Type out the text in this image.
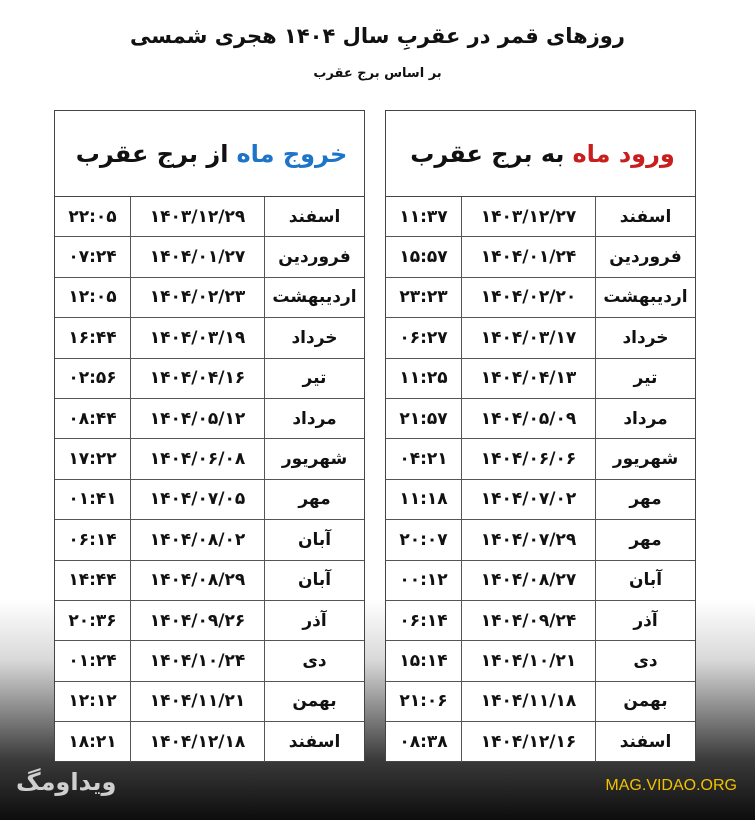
روزهای قمر در عقربِ سال ۱۴۰۴ هجری شمسی
بر اساس برج عقرب
ورود ماه
به برج عقرب
اسفند
۱۴۰۳/۱۲/۲۷
۱۱:۳۷
فروردین
۱۴۰۴/۰۱/۲۴
۱۵:۵۷
اردیبهشت
۱۴۰۴/۰۲/۲۰
۲۳:۲۳
خرداد
۱۴۰۴/۰۳/۱۷
۰۶:۲۷
تیر
۱۴۰۴/۰۴/۱۳
۱۱:۲۵
مرداد
۱۴۰۴/۰۵/۰۹
۲۱:۵۷
شهریور
۱۴۰۴/۰۶/۰۶
۰۴:۲۱
مهر
۱۴۰۴/۰۷/۰۲
۱۱:۱۸
مهر
۱۴۰۴/۰۷/۲۹
۲۰:۰۷
آبان
۱۴۰۴/۰۸/۲۷
۰۰:۱۲
آذر
۱۴۰۴/۰۹/۲۴
۰۶:۱۴
دی
۱۴۰۴/۱۰/۲۱
۱۵:۱۴
بهمن
۱۴۰۴/۱۱/۱۸
۲۱:۰۶
اسفند
۱۴۰۴/۱۲/۱۶
۰۸:۳۸
خروج ماه
از برج عقرب
اسفند
۱۴۰۳/۱۲/۲۹
۲۲:۰۵
فروردین
۱۴۰۴/۰۱/۲۷
۰۷:۲۴
اردیبهشت
۱۴۰۴/۰۲/۲۳
۱۲:۰۵
خرداد
۱۴۰۴/۰۳/۱۹
۱۶:۴۴
تیر
۱۴۰۴/۰۴/۱۶
۰۲:۵۶
مرداد
۱۴۰۴/۰۵/۱۲
۰۸:۴۴
شهریور
۱۴۰۴/۰۶/۰۸
۱۷:۲۲
مهر
۱۴۰۴/۰۷/۰۵
۰۱:۴۱
آبان
۱۴۰۴/۰۸/۰۲
۰۶:۱۴
آبان
۱۴۰۴/۰۸/۲۹
۱۴:۴۴
آذر
۱۴۰۴/۰۹/۲۶
۲۰:۳۶
دی
۱۴۰۴/۱۰/۲۴
۰۱:۲۴
بهمن
۱۴۰۴/۱۱/۲۱
۱۲:۱۲
اسفند
۱۴۰۴/۱۲/۱۸
۱۸:۲۱
ویداومگ	MAG.VIDAO.ORG
